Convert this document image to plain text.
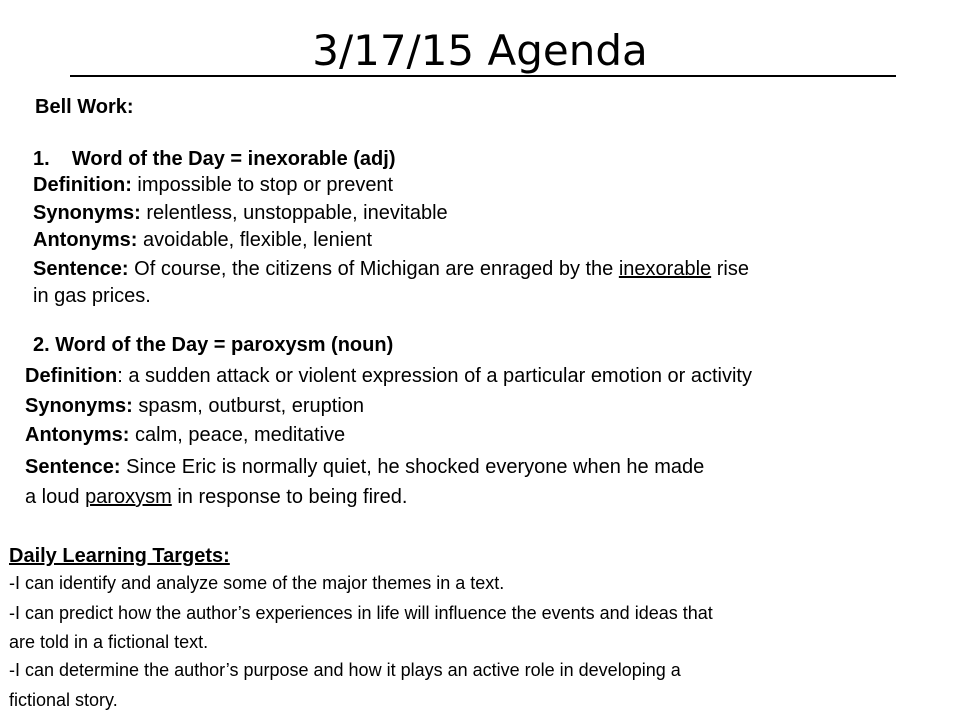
3/17/15 Agenda
Bell Work:
1.    Word of the Day = inexorable (adj)
Definition: impossible to stop or prevent
Synonyms: relentless, unstoppable, inevitable
Antonyms: avoidable, flexible, lenient
Sentence: Of course, the citizens of Michigan are enraged by the inexorable rise
in gas prices.
2. Word of the Day = paroxysm (noun)
Definition: a sudden attack or violent expression of a particular emotion or activity
Synonyms: spasm, outburst, eruption
Antonyms: calm, peace, meditative
Sentence: Since Eric is normally quiet, he shocked everyone when he made
a loud paroxysm in response to being fired.
Daily Learning Targets:
-I can identify and analyze some of the major themes in a text.
-I can predict how the author’s experiences in life will influence the events and ideas that
are told in a fictional text.
-I can determine the author’s purpose and how it plays an active role in developing a
fictional story.
